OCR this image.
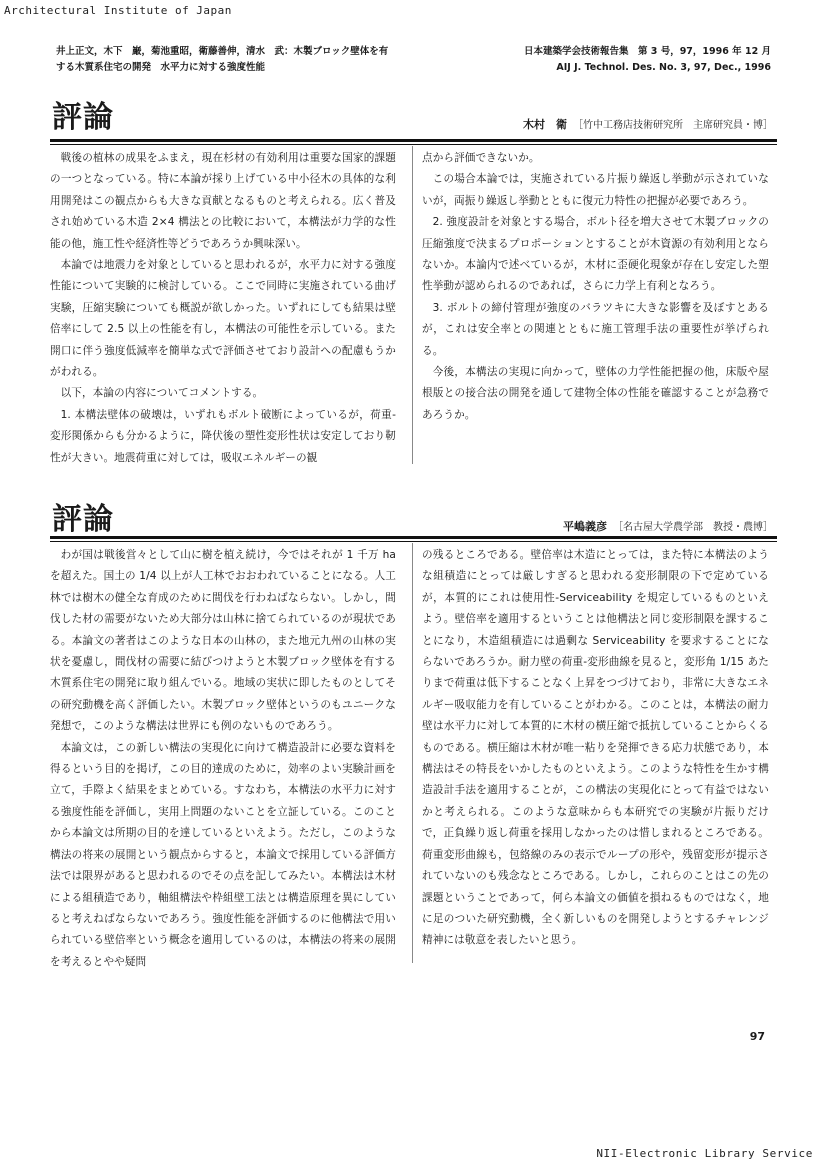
Architectural Institute of Japan
井上正文，木下　巌，菊池重昭，衛藤善伸，清水　武：木製ブロック壁体を有
する木質系住宅の開発　水平力に対する強度性能
日本建築学会技術報告集　第 3 号，97，1996 年 12 月
AIJ J. Technol. Des. No. 3, 97, Dec., 1996
評論	木村　衛 ［竹中工務店技術研究所　主席研究員・博］

戦後の植林の成果をふまえ，現在杉材の有効利用は重要な国家的課題の一つとなっている。特に本論が採り上げている中小径木の具体的な利用開発はこの観点からも大きな貢献となるものと考えられる。広く普及され始めている木造 2×4 構法との比較において，本構法が力学的な性能の他，施工性や経済性等どうであろうか興味深い。

本論では地震力を対象としていると思われるが，水平力に対する強度性能について実験的に検討している。ここで同時に実施されている曲げ実験，圧縮実験についても概説が欲しかった。いずれにしても結果は壁倍率にして 2.5 以上の性能を有し，本構法の可能性を示している。また開口に伴う強度低減率を簡単な式で評価させており設計への配慮もうかがわれる。

以下，本論の内容についてコメントする。

1. 本構法壁体の破壊は，いずれもボルト破断によっているが，荷重-変形関係からも分かるように，降伏後の塑性変形性状は安定しており靭性が大きい。地震荷重に対しては，吸収エネルギーの観

点から評価できないか。

この場合本論では，実施されている片振り繰返し挙動が示されていないが，両振り繰返し挙動とともに復元力特性の把握が必要であろう。

2. 強度設計を対象とする場合，ボルト径を増大させて木製ブロックの圧縮強度で決まるプロポーションとすることが木資源の有効利用とならないか。本論内で述べているが，木材に歪硬化現象が存在し安定した塑性挙動が認められるのであれば，さらに力学上有利となろう。

3. ボルトの締付管理が強度のバラツキに大きな影響を及ぼすとあるが，これは安全率との関連とともに施工管理手法の重要性が挙げられる。

今後，本構法の実現に向かって，壁体の力学性能把握の他，床版や屋根版との接合法の開発を通して建物全体の性能を確認することが急務であろうか。

評論	平嶋義彦 ［名古屋大学農学部　教授・農博］

わが国は戦後営々として山に樹を植え続け，今ではそれが 1 千万 ha を超えた。国土の 1/4 以上が人工林でおおわれていることになる。人工林では樹木の健全な育成のために間伐を行わねばならない。しかし，間伐した材の需要がないため大部分は山林に捨てられているのが現状である。本論文の著者はこのような日本の山林の，また地元九州の山林の実状を憂慮し，間伐材の需要に結びつけようと木製ブロック壁体を有する木質系住宅の開発に取り組んでいる。地域の実状に即したものとしてその研究動機を高く評価したい。木製ブロック壁体というのもユニークな発想で，このような構法は世界にも例のないものであろう。

本論文は，この新しい構法の実現化に向けて構造設計に必要な資料を得るという目的を掲げ，この目的達成のために，効率のよい実験計画を立て，手際よく結果をまとめている。すなわち，本構法の水平力に対する強度性能を評価し，実用上問題のないことを立証している。このことから本論文は所期の目的を達しているといえよう。ただし，このような構法の将来の展開という観点からすると，本論文で採用している評価方法では限界があると思われるのでその点を記してみたい。本構法は木材による組積造であり，軸組構法や枠組壁工法とは構造原理を異にしていると考えねばならないであろう。強度性能を評価するのに他構法で用いられている壁倍率という概念を適用しているのは，本構法の将来の展開を考えるとやや疑問

の残るところである。壁倍率は木造にとっては，また特に本構法のような組積造にとっては厳しすぎると思われる変形制限の下で定めているが，本質的にこれは使用性-Serviceability を規定しているものといえよう。壁倍率を適用するということは他構法と同じ変形制限を課することになり，木造組積造には過剰な Serviceability を要求することにならないであろうか。耐力壁の荷重-変形曲線を見ると，変形角 1/15 あたりまで荷重は低下することなく上昇をつづけており，非常に大きなエネルギー吸収能力を有していることがわかる。このことは，本構法の耐力壁は水平力に対して本質的に木材の横圧縮で抵抗していることからくるものである。横圧縮は木材が唯一粘りを発揮できる応力状態であり，本構法はその特長をいかしたものといえよう。このような特性を生かす構造設計手法を適用することが，この構法の実現化にとって有益ではないかと考えられる。このような意味からも本研究での実験が片振りだけで，正負繰り返し荷重を採用しなかったのは惜しまれるところである。荷重変形曲線も，包絡線のみの表示でループの形や，残留変形が提示されていないのも残念なところである。しかし，これらのことはこの先の課題ということであって，何ら本論文の価値を損ねるものではなく，地に足のついた研究動機，全く新しいものを開発しようとするチャレンジ精神には敬意を表したいと思う。

97
NII-Electronic Library Service
